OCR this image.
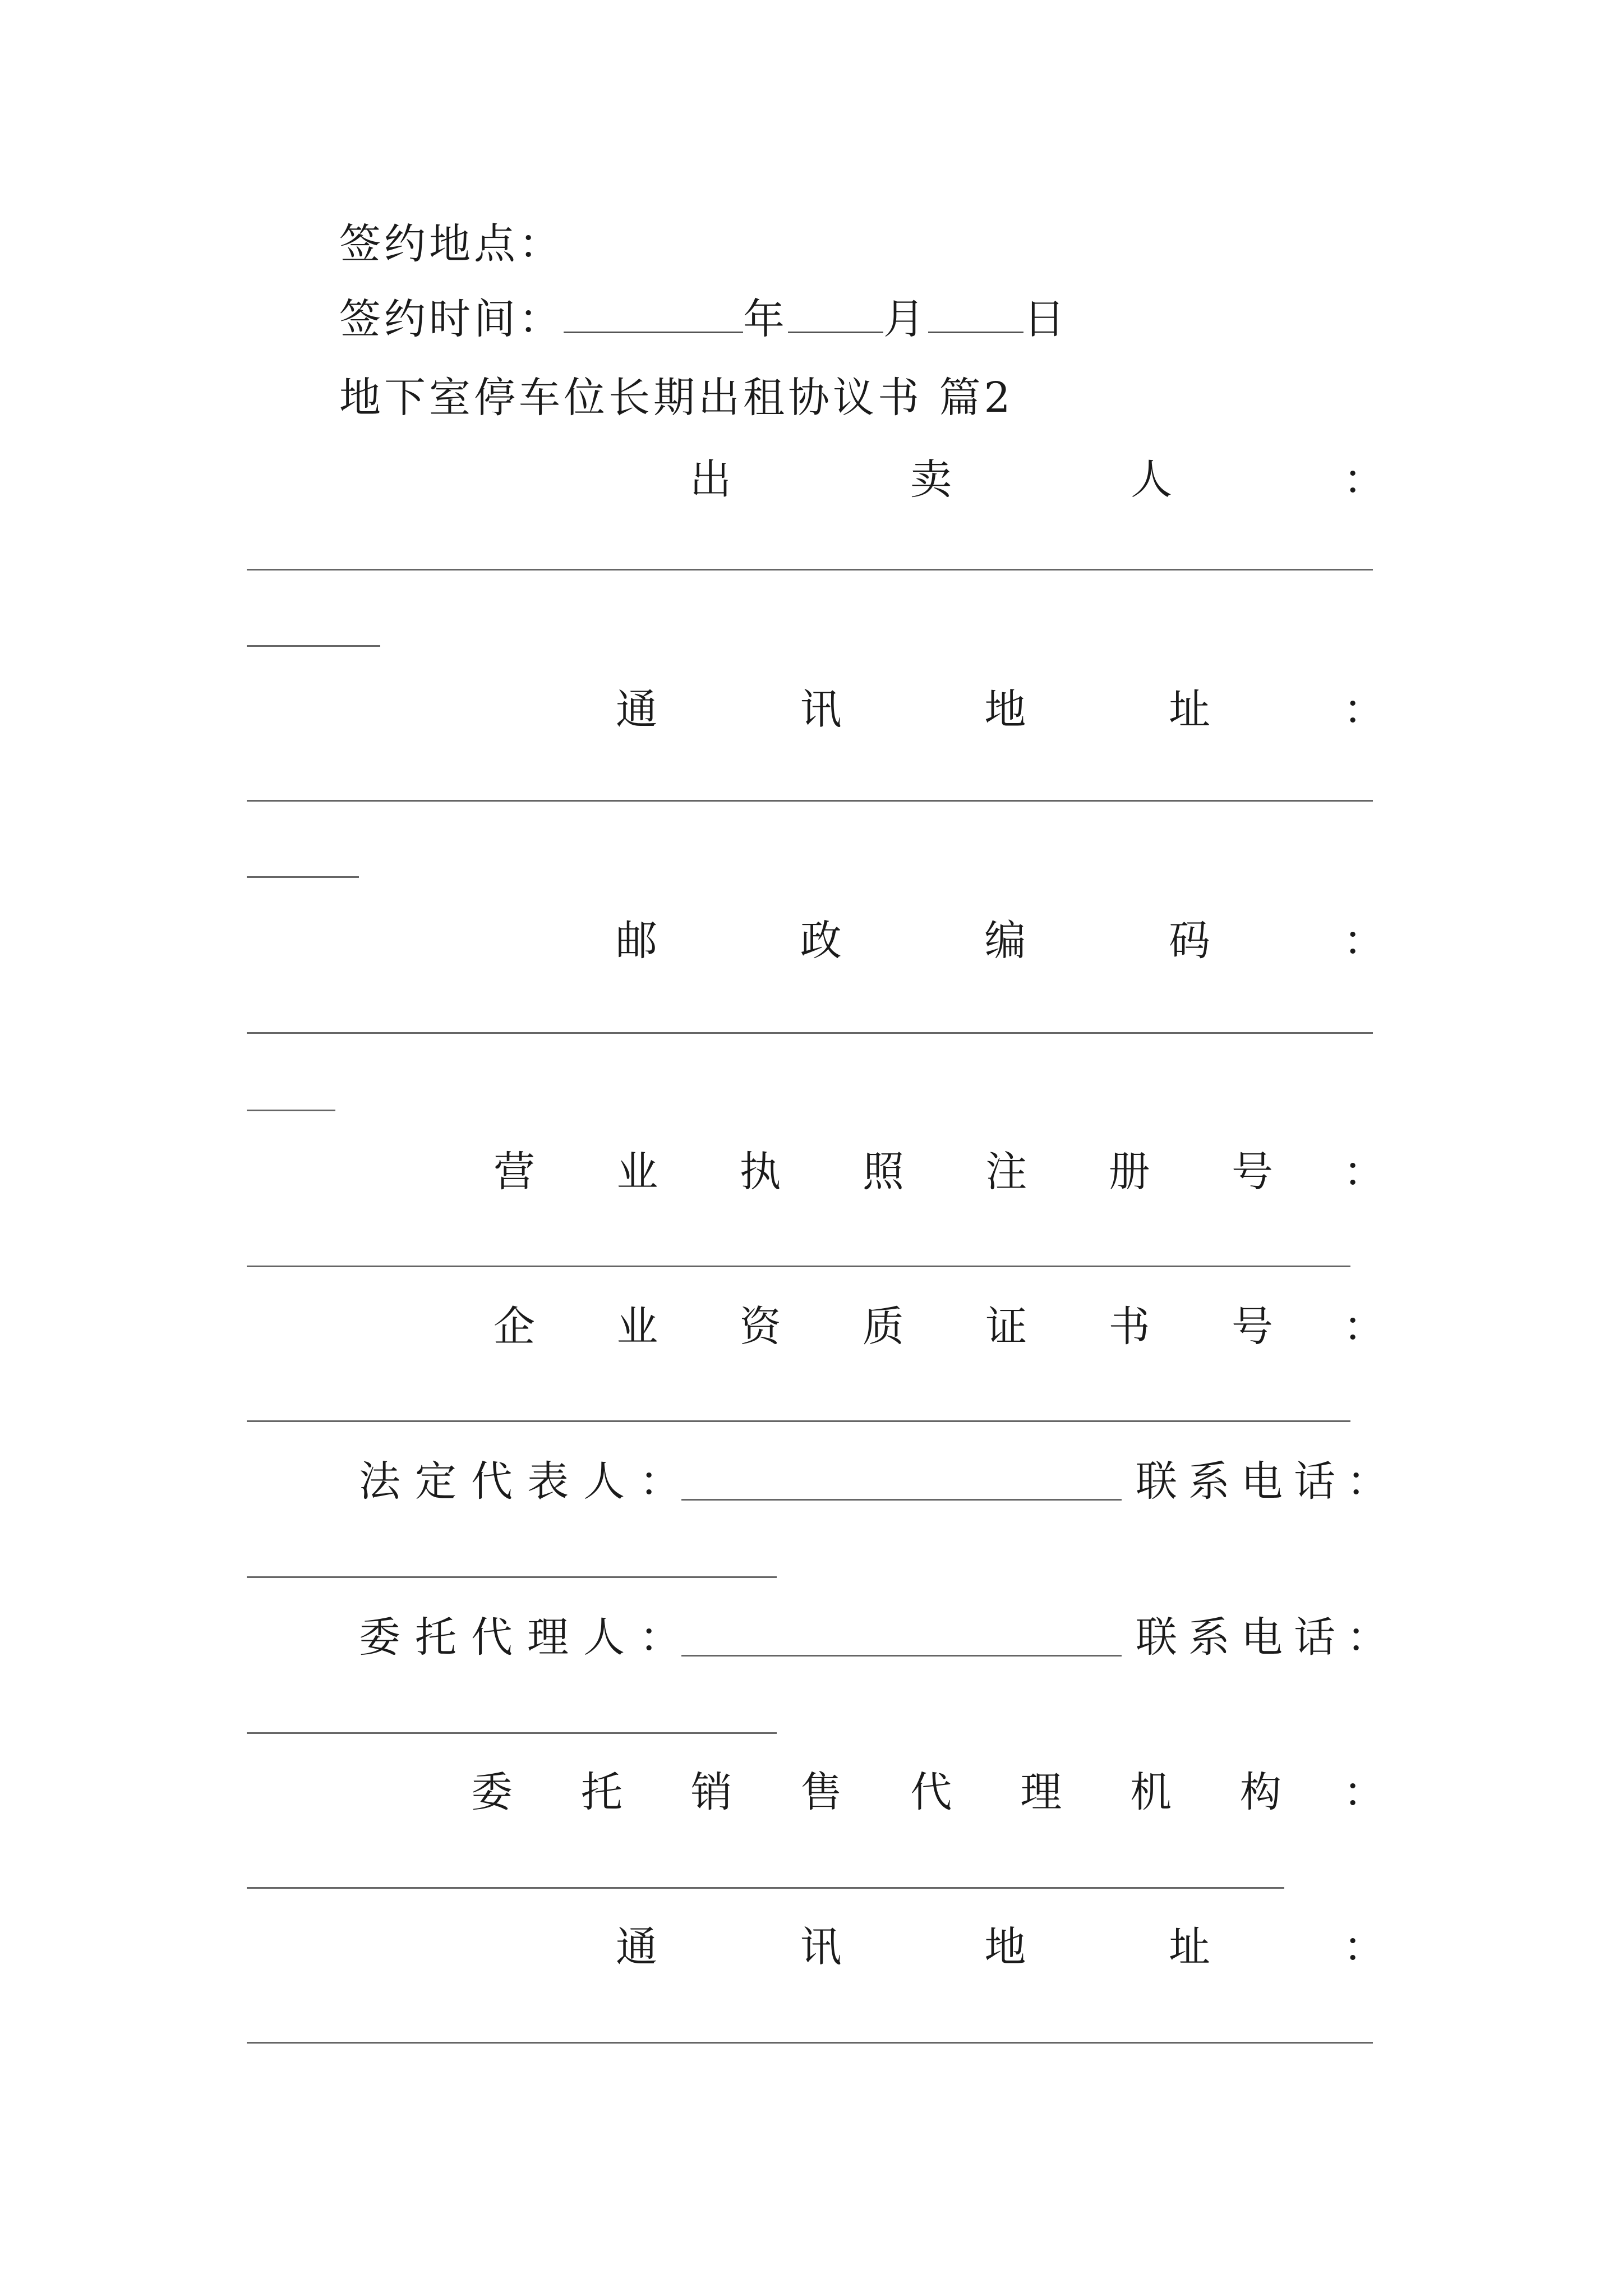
签约地点：
签约时间：	年 月 日
地下室停车位长期出租协议书 篇2
出	卖	人	：
通	讯	地	址	：
邮	政	编	码	：
营 业 执 照 注 册 号 ：
企 业 资 质 证 书 号 ：
法定代表人：	联系电话：
委托代理人：	联系电话：
委 托 销 售 代 理 机 构 ：
通	讯	地	址	：
